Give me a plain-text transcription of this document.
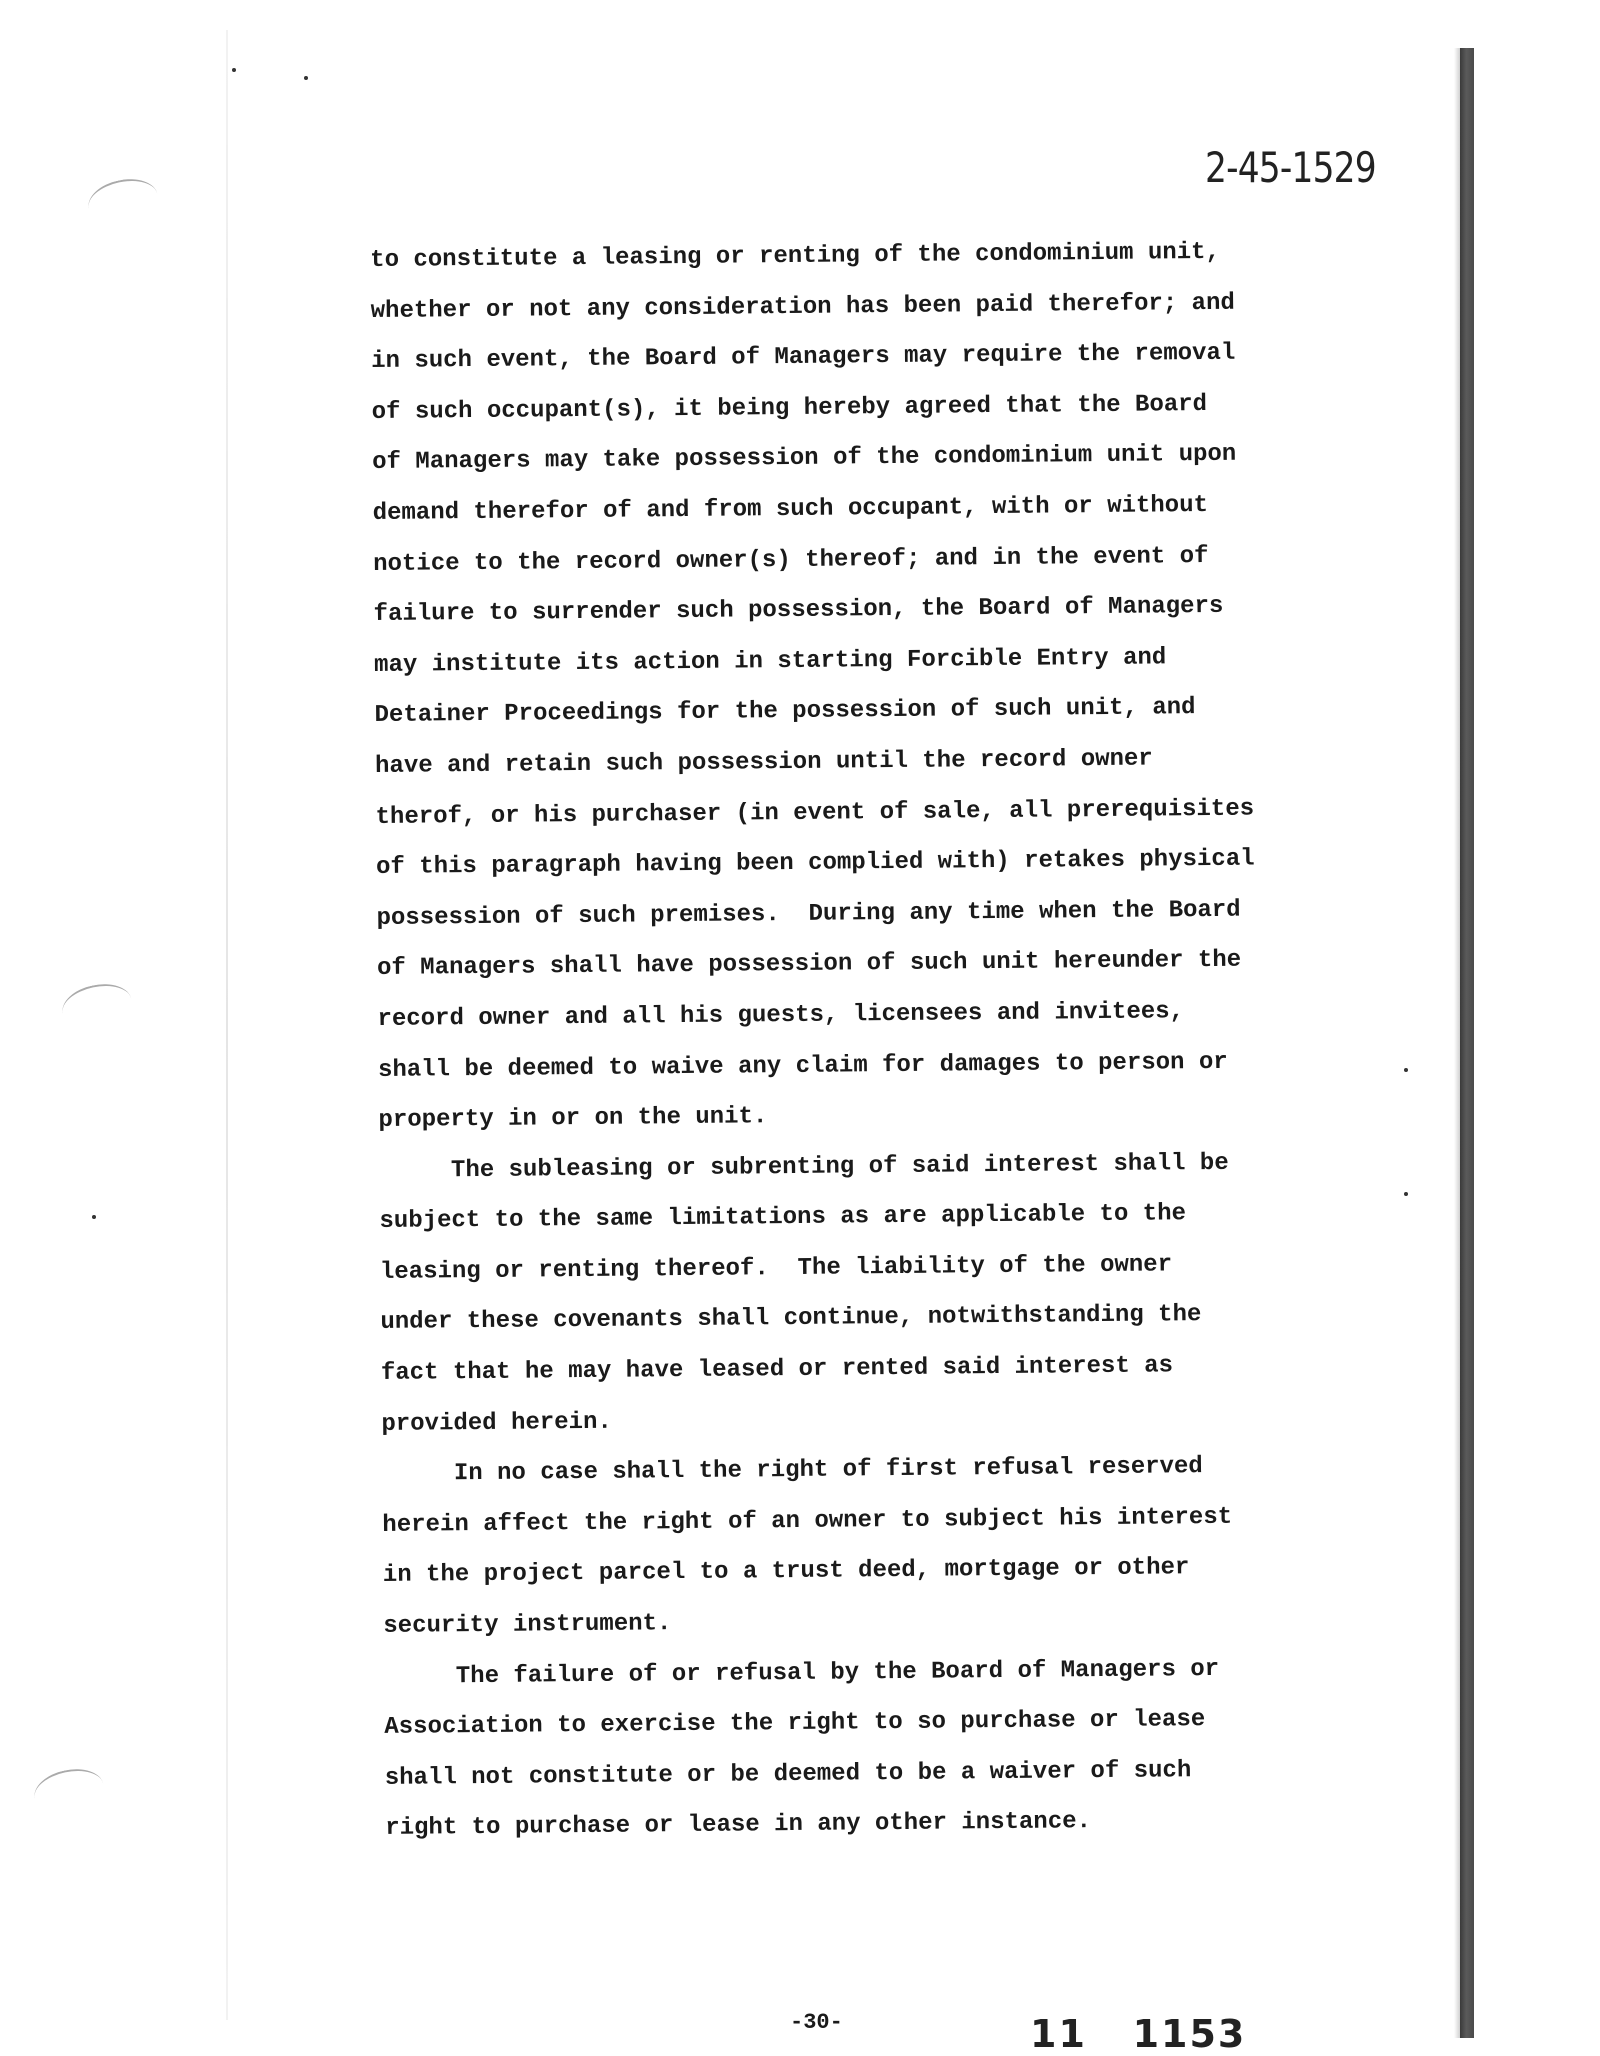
2-45-1529
to constitute a leasing or renting of the condominium unit,
whether or not any consideration has been paid therefor; and
in such event, the Board of Managers may require the removal
of such occupant(s), it being hereby agreed that the Board
of Managers may take possession of the condominium unit upon
demand therefor of and from such occupant, with or without
notice to the record owner(s) thereof; and in the event of
failure to surrender such possession, the Board of Managers
may institute its action in starting Forcible Entry and
Detainer Proceedings for the possession of such unit, and
have and retain such possession until the record owner
therof, or his purchaser (in event of sale, all prerequisites
of this paragraph having been complied with) retakes physical
possession of such premises.  During any time when the Board
of Managers shall have possession of such unit hereunder the
record owner and all his guests, licensees and invitees,
shall be deemed to waive any claim for damages to person or
property in or on the unit.
The subleasing or subrenting of said interest shall be
subject to the same limitations as are applicable to the
leasing or renting thereof.  The liability of the owner
under these covenants shall continue, notwithstanding the
fact that he may have leased or rented said interest as
provided herein.
In no case shall the right of first refusal reserved
herein affect the right of an owner to subject his interest
in the project parcel to a trust deed, mortgage or other
security instrument.
The failure of or refusal by the Board of Managers or
Association to exercise the right to so purchase or lease
shall not constitute or be deemed to be a waiver of such
right to purchase or lease in any other instance.
-30-	11   1153
